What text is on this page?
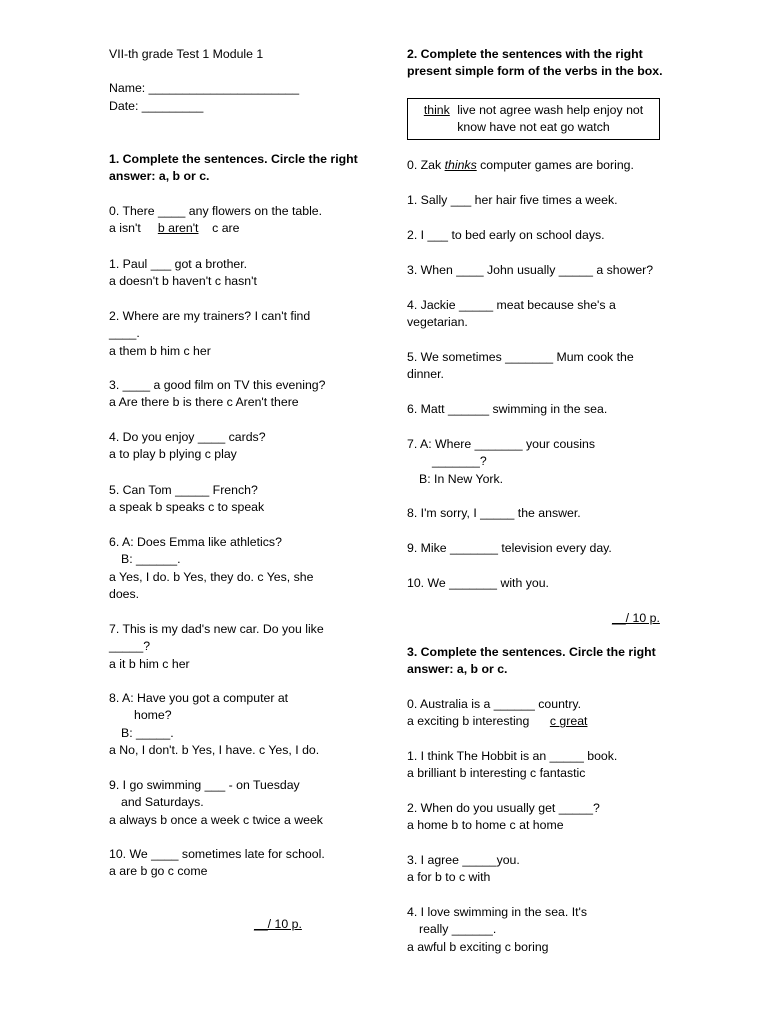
VII-th grade Test 1 Module 1
Name: ______________________
Date: _________
1. Complete the sentences. Circle the right
answer: a, b or c.
0. There ____ any flowers on the table.
a isn't b aren't c are
1. Paul ___ got a brother.
a doesn't b haven't c hasn't
2. Where are my trainers? I can't find
____.
a them b him c her
3. ____ a good film on TV this evening?
a Are there b is there c Aren't there
4. Do you enjoy ____ cards?
a to play b plying c play
5. Can Tom _____ French?
a speak b speaks c to speak
6. A: Does Emma like athletics?
B: ______.
a Yes, I do. b Yes, they do. c Yes, she
does.
7. This is my dad's new car. Do you like
_____?
a it b him c her
8. A: Have you got a computer at
home?
B: _____.
a No, I don't. b Yes, I have. c Yes, I do.
9. I go swimming ___ - on Tuesday
and Saturdays.
a always b once a week c twice a week
10. We ____ sometimes late for school.
a are b go c come
__/ 10 p.
2. Complete the sentences with the right
present simple form of the verbs in the box.
think live not agree wash help enjoy not
know have not eat go watch
0. Zak thinks computer games are boring.
1. Sally ___ her hair five times a week.
2. I ___ to bed early on school days.
3. When ____ John usually _____ a shower?
4. Jackie _____ meat because she's a
vegetarian.
5. We sometimes _______ Mum cook the
dinner.
6. Matt ______ swimming in the sea.
7. A: Where _______ your cousins
_______?
B: In New York.
8. I'm sorry, I _____ the answer.
9. Mike _______ television every day.
10. We _______ with you.
__/ 10 p.
3. Complete the sentences. Circle the right
answer: a, b or c.
0. Australia is a ______ country.
a exciting b interesting c great
1. I think The Hobbit is an _____ book.
a brilliant b interesting c fantastic
2. When do you usually get _____?
a home b to home c at home
3. I agree _____you.
a for b to c with
4. I love swimming in the sea. It's
really ______.
a awful b exciting c boring
